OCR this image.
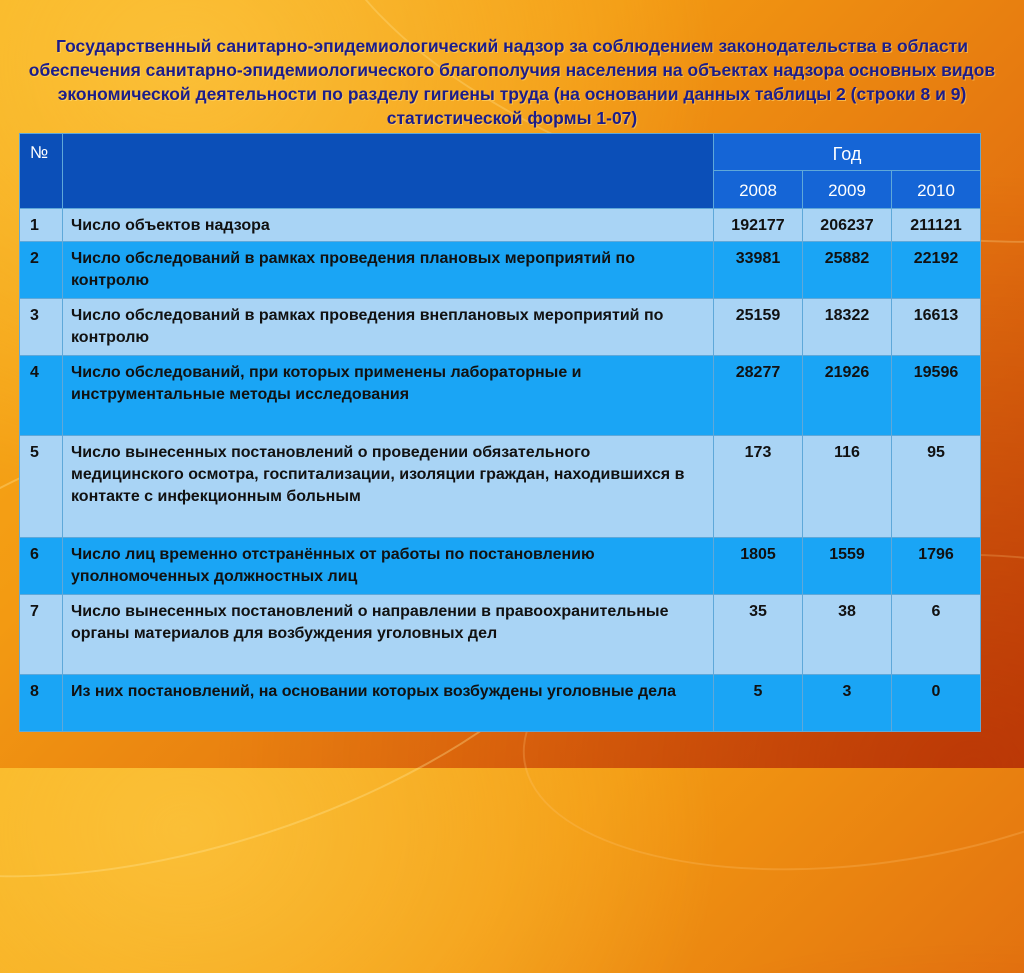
Государственный санитарно-эпидемиологический надзор за соблюдением законодательства в области обеспечения санитарно-эпидемиологического благополучия населения на объектах надзора основных видов экономической деятельности по разделу гигиены труда (на основании данных таблицы 2 (строки 8 и 9) статистической формы 1-07)
№		Год		
		2008	2009	2010
1	Число объектов надзора	192177	206237	211121
2	Число обследований в рамках проведения плановых мероприятий по контролю	33981	25882	22192
3	Число обследований в рамках проведения внеплановых мероприятий по контролю	25159	18322	16613
4	Число обследований, при которых применены лабораторные и инструментальные методы исследования	28277	21926	19596
5	Число вынесенных постановлений о проведении обязательного медицинского осмотра, госпитализации, изоляции граждан, находившихся в контакте с инфекционным больным	173	116	95
6	Число лиц временно отстранённых от работы по постановлению уполномоченных должностных лиц	1805	1559	1796
7	Число вынесенных постановлений о направлении в правоохранительные органы материалов для возбуждения уголовных дел	35	38	6
8	Из них постановлений, на основании которых возбуждены уголовные дела	5	3	0
